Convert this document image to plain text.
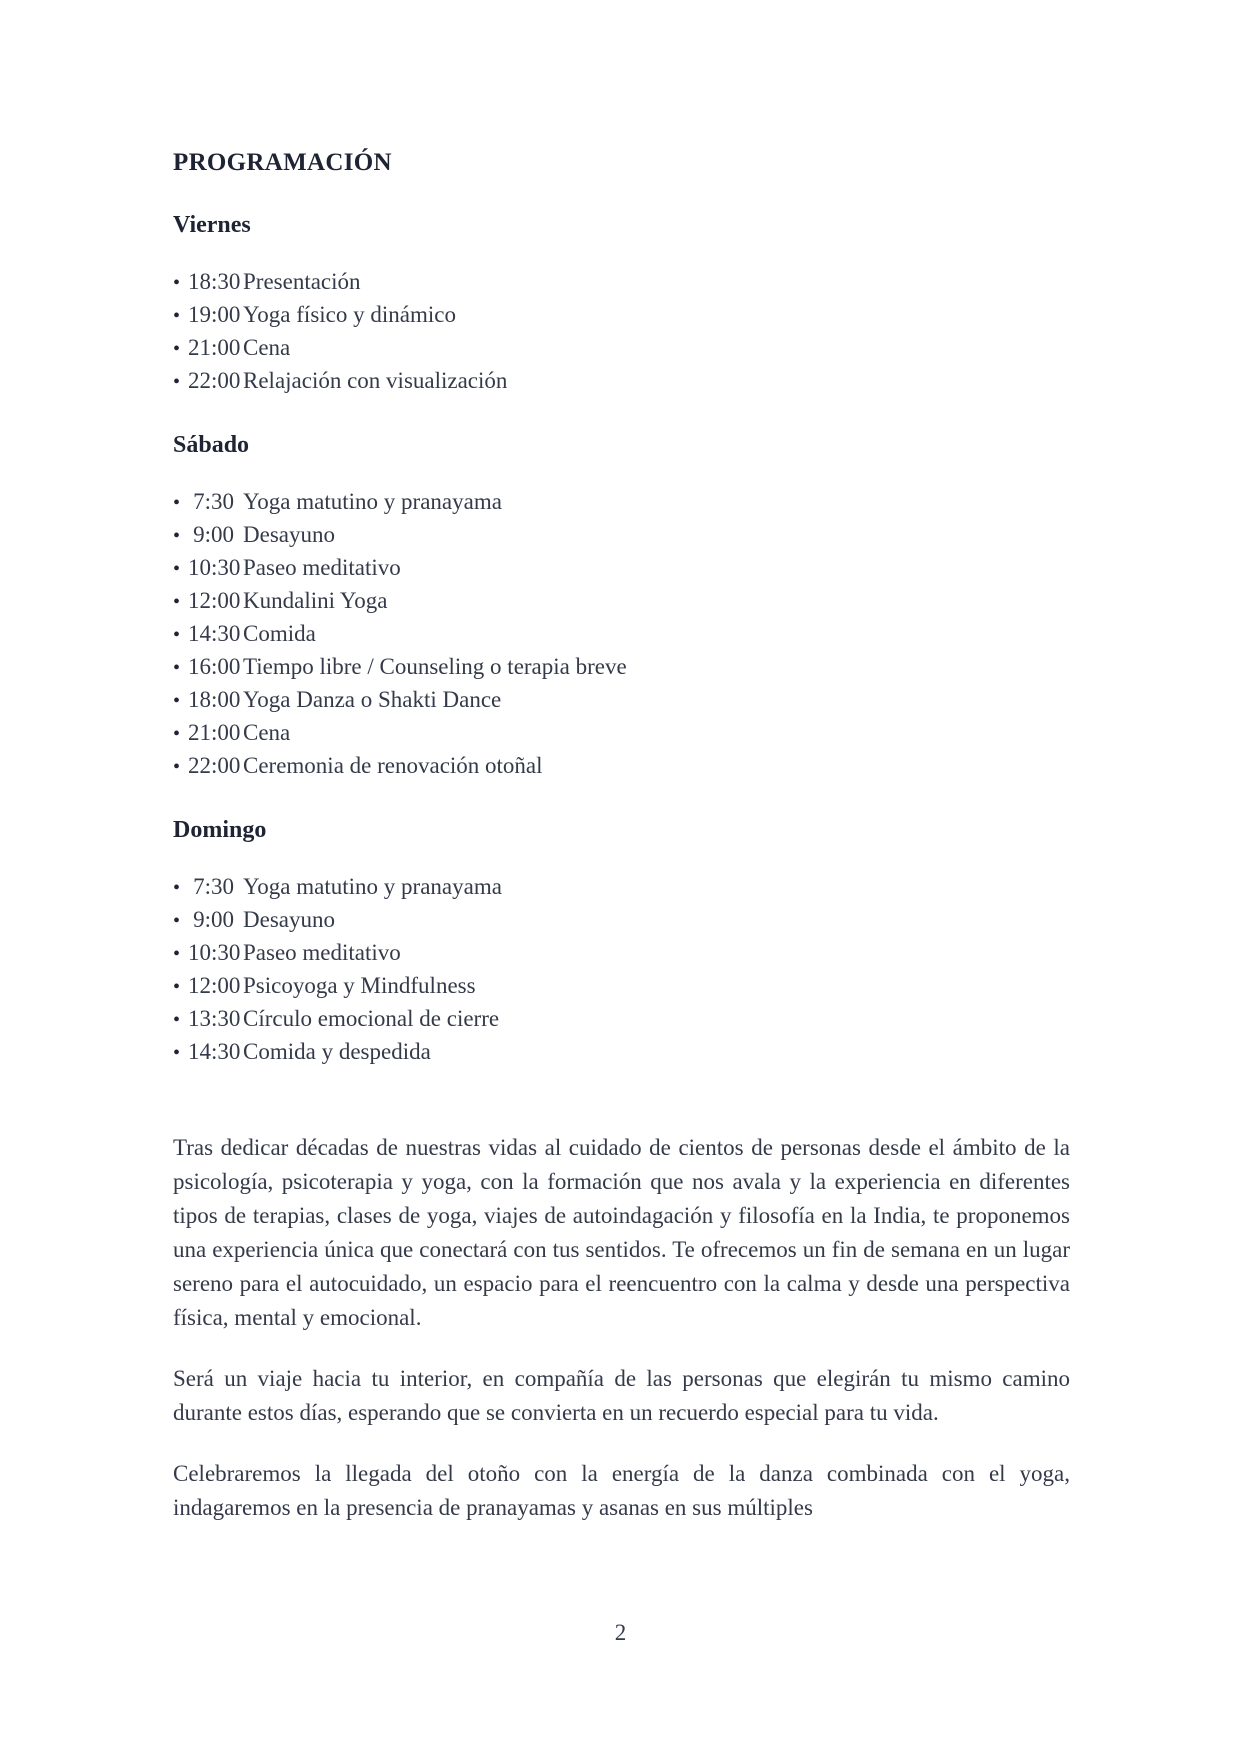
PROGRAMACIÓN
Viernes
• 18:30 Presentación
• 19:00 Yoga físico y dinámico
• 21:00 Cena
• 22:00 Relajación con visualización
Sábado
• 7:30 Yoga matutino y pranayama
• 9:00 Desayuno
• 10:30 Paseo meditativo
• 12:00 Kundalini Yoga
• 14:30 Comida
• 16:00 Tiempo libre / Counseling o terapia breve
• 18:00 Yoga Danza o Shakti Dance
• 21:00 Cena
• 22:00 Ceremonia de renovación otoñal
Domingo
• 7:30 Yoga matutino y pranayama
• 9:00 Desayuno
• 10:30 Paseo meditativo
• 12:00 Psicoyoga y Mindfulness
• 13:30 Círculo emocional de cierre
• 14:30 Comida y despedida

Tras dedicar décadas de nuestras vidas al cuidado de cientos de personas desde el ámbito de la psicología, psicoterapia y yoga, con la formación que nos avala y la experiencia en diferentes tipos de terapias, clases de yoga, viajes de autoindagación y filosofía en la India, te proponemos una experiencia única que conectará con tus sentidos. Te ofrecemos un fin de semana en un lugar sereno para el autocuidado, un espacio para el reencuentro con la calma y desde una perspectiva física, mental y emocional.

Será un viaje hacia tu interior, en compañía de las personas que elegirán tu mismo camino durante estos días, esperando que se convierta en un recuerdo especial para tu vida.

Celebraremos la llegada del otoño con la energía de la danza combinada con el yoga, indagaremos en la presencia de pranayamas y asanas en sus múltiples

2
